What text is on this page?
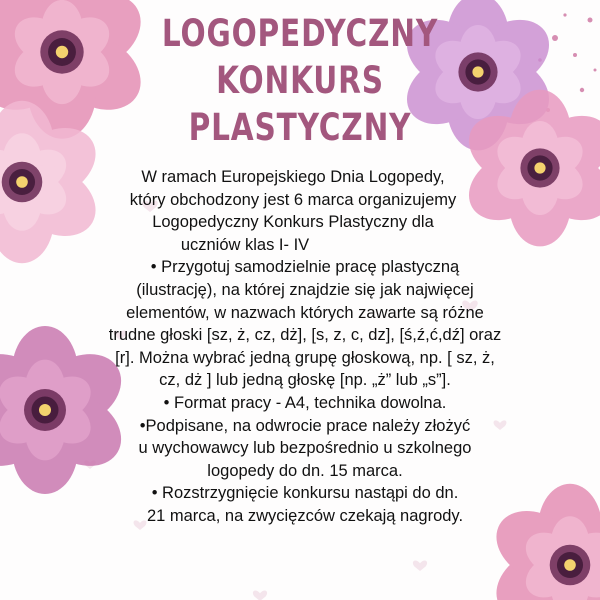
LOGOPEDYCZNY
KONKURS
PLASTYCZNY
W ramach Europejskiego Dnia Logopedy,
który obchodzony jest 6 marca organizujemy
Logopedyczny Konkurs Plastyczny dla
uczniów klas I- IV
• Przygotuj samodzielnie pracę plastyczną
(ilustrację), na której znajdzie się jak najwięcej
elementów, w nazwach których zawarte są różne
trudne głoski [sz, ż, cz, dż], [s, z, c, dz], [ś,ź,ć,dź] oraz
[r]. Można wybrać jedną grupę głoskową, np. [ sz, ż,
cz, dż ] lub jedną głoskę [np. „ż” lub „s”].
• Format pracy - A4, technika dowolna.
•Podpisane, na odwrocie prace należy złożyć
u wychowawcy lub bezpośrednio u szkolnego
logopedy do dn. 15 marca.
• Rozstrzygnięcie konkursu nastąpi do dn.
21 marca, na zwycięzców czekają nagrody.
